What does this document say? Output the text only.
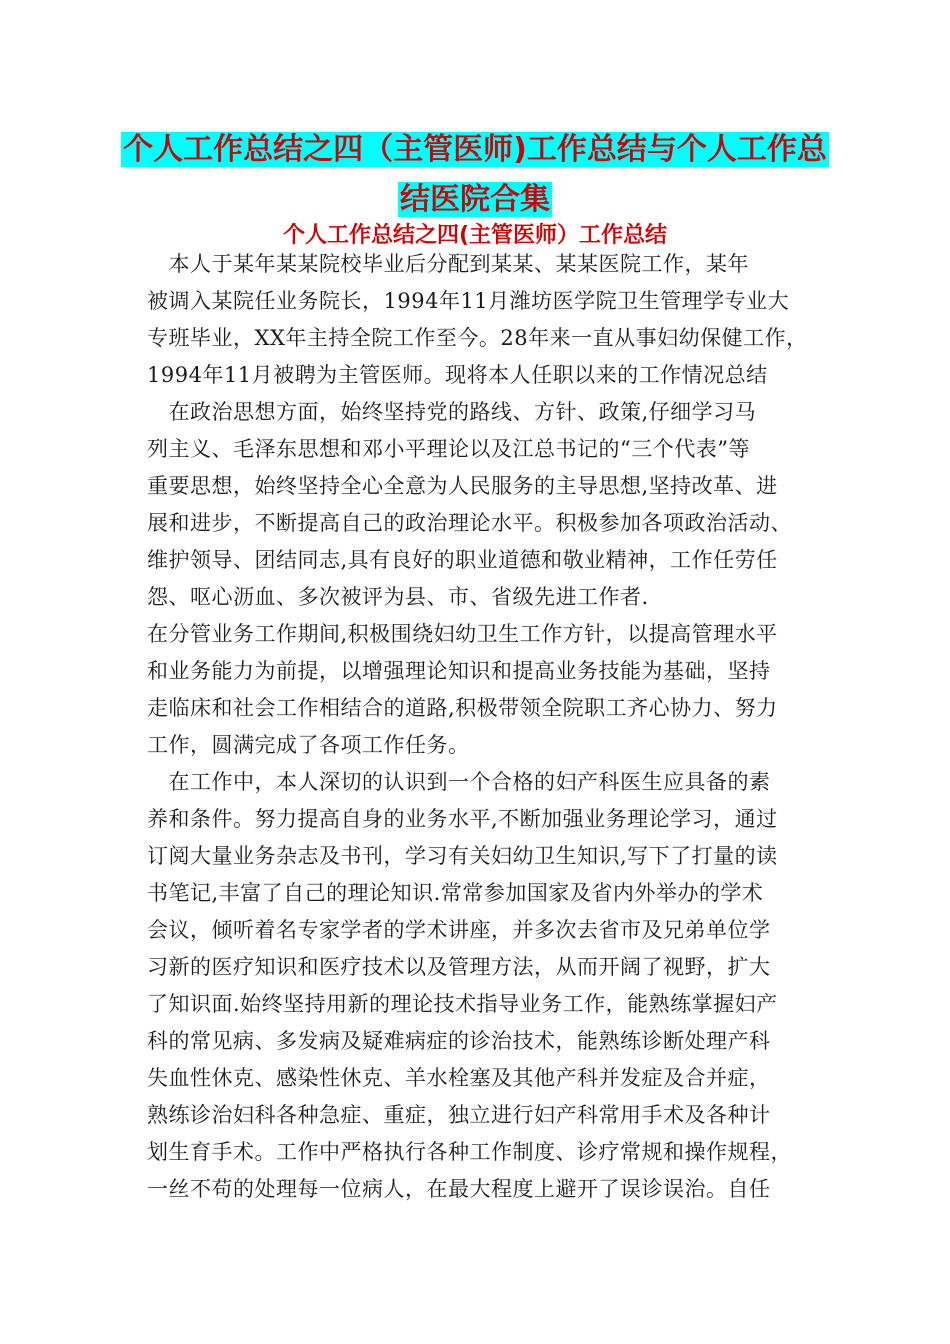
个人工作总结之四（主管医师)工作总结与个人工作总
结医院合集
个人工作总结之四(主管医师）工作总结
　本人于某年某某院校毕业后分配到某某、某某医院工作，某年
被调入某院任业务院长，1994年11月潍坊医学院卫生管理学专业大
专班毕业，XX年主持全院工作至今。28年来一直从事妇幼保健工作，
1994年11月被聘为主管医师。现将本人任职以来的工作情况总结
　在政治思想方面，始终坚持党的路线、方针、政策,仔细学习马
列主义、毛泽东思想和邓小平理论以及江总书记的“三个代表”等
重要思想，始终坚持全心全意为人民服务的主导思想,坚持改革、进
展和进步，不断提高自己的政治理论水平。积极参加各项政治活动、
维护领导、团结同志,具有良好的职业道德和敬业精神，工作任劳任
怨、呕心沥血、多次被评为县、市、省级先进工作者.
在分管业务工作期间,积极围绕妇幼卫生工作方针，以提高管理水平
和业务能力为前提，以增强理论知识和提高业务技能为基础，坚持
走临床和社会工作相结合的道路,积极带领全院职工齐心协力、努力
工作，圆满完成了各项工作任务。
　在工作中，本人深切的认识到一个合格的妇产科医生应具备的素
养和条件。努力提高自身的业务水平,不断加强业务理论学习，通过
订阅大量业务杂志及书刊，学习有关妇幼卫生知识,写下了打量的读
书笔记,丰富了自己的理论知识.常常参加国家及省内外举办的学术
会议，倾听着名专家学者的学术讲座，并多次去省市及兄弟单位学
习新的医疗知识和医疗技术以及管理方法，从而开阔了视野，扩大
了知识面.始终坚持用新的理论技术指导业务工作，能熟练掌握妇产
科的常见病、多发病及疑难病症的诊治技术，能熟练诊断处理产科
失血性休克、感染性休克、羊水栓塞及其他产科并发症及合并症，
熟练诊治妇科各种急症、重症，独立进行妇产科常用手术及各种计
划生育手术。工作中严格执行各种工作制度、诊疗常规和操作规程，
一丝不苟的处理每一位病人，在最大程度上避开了误诊误治。自任
